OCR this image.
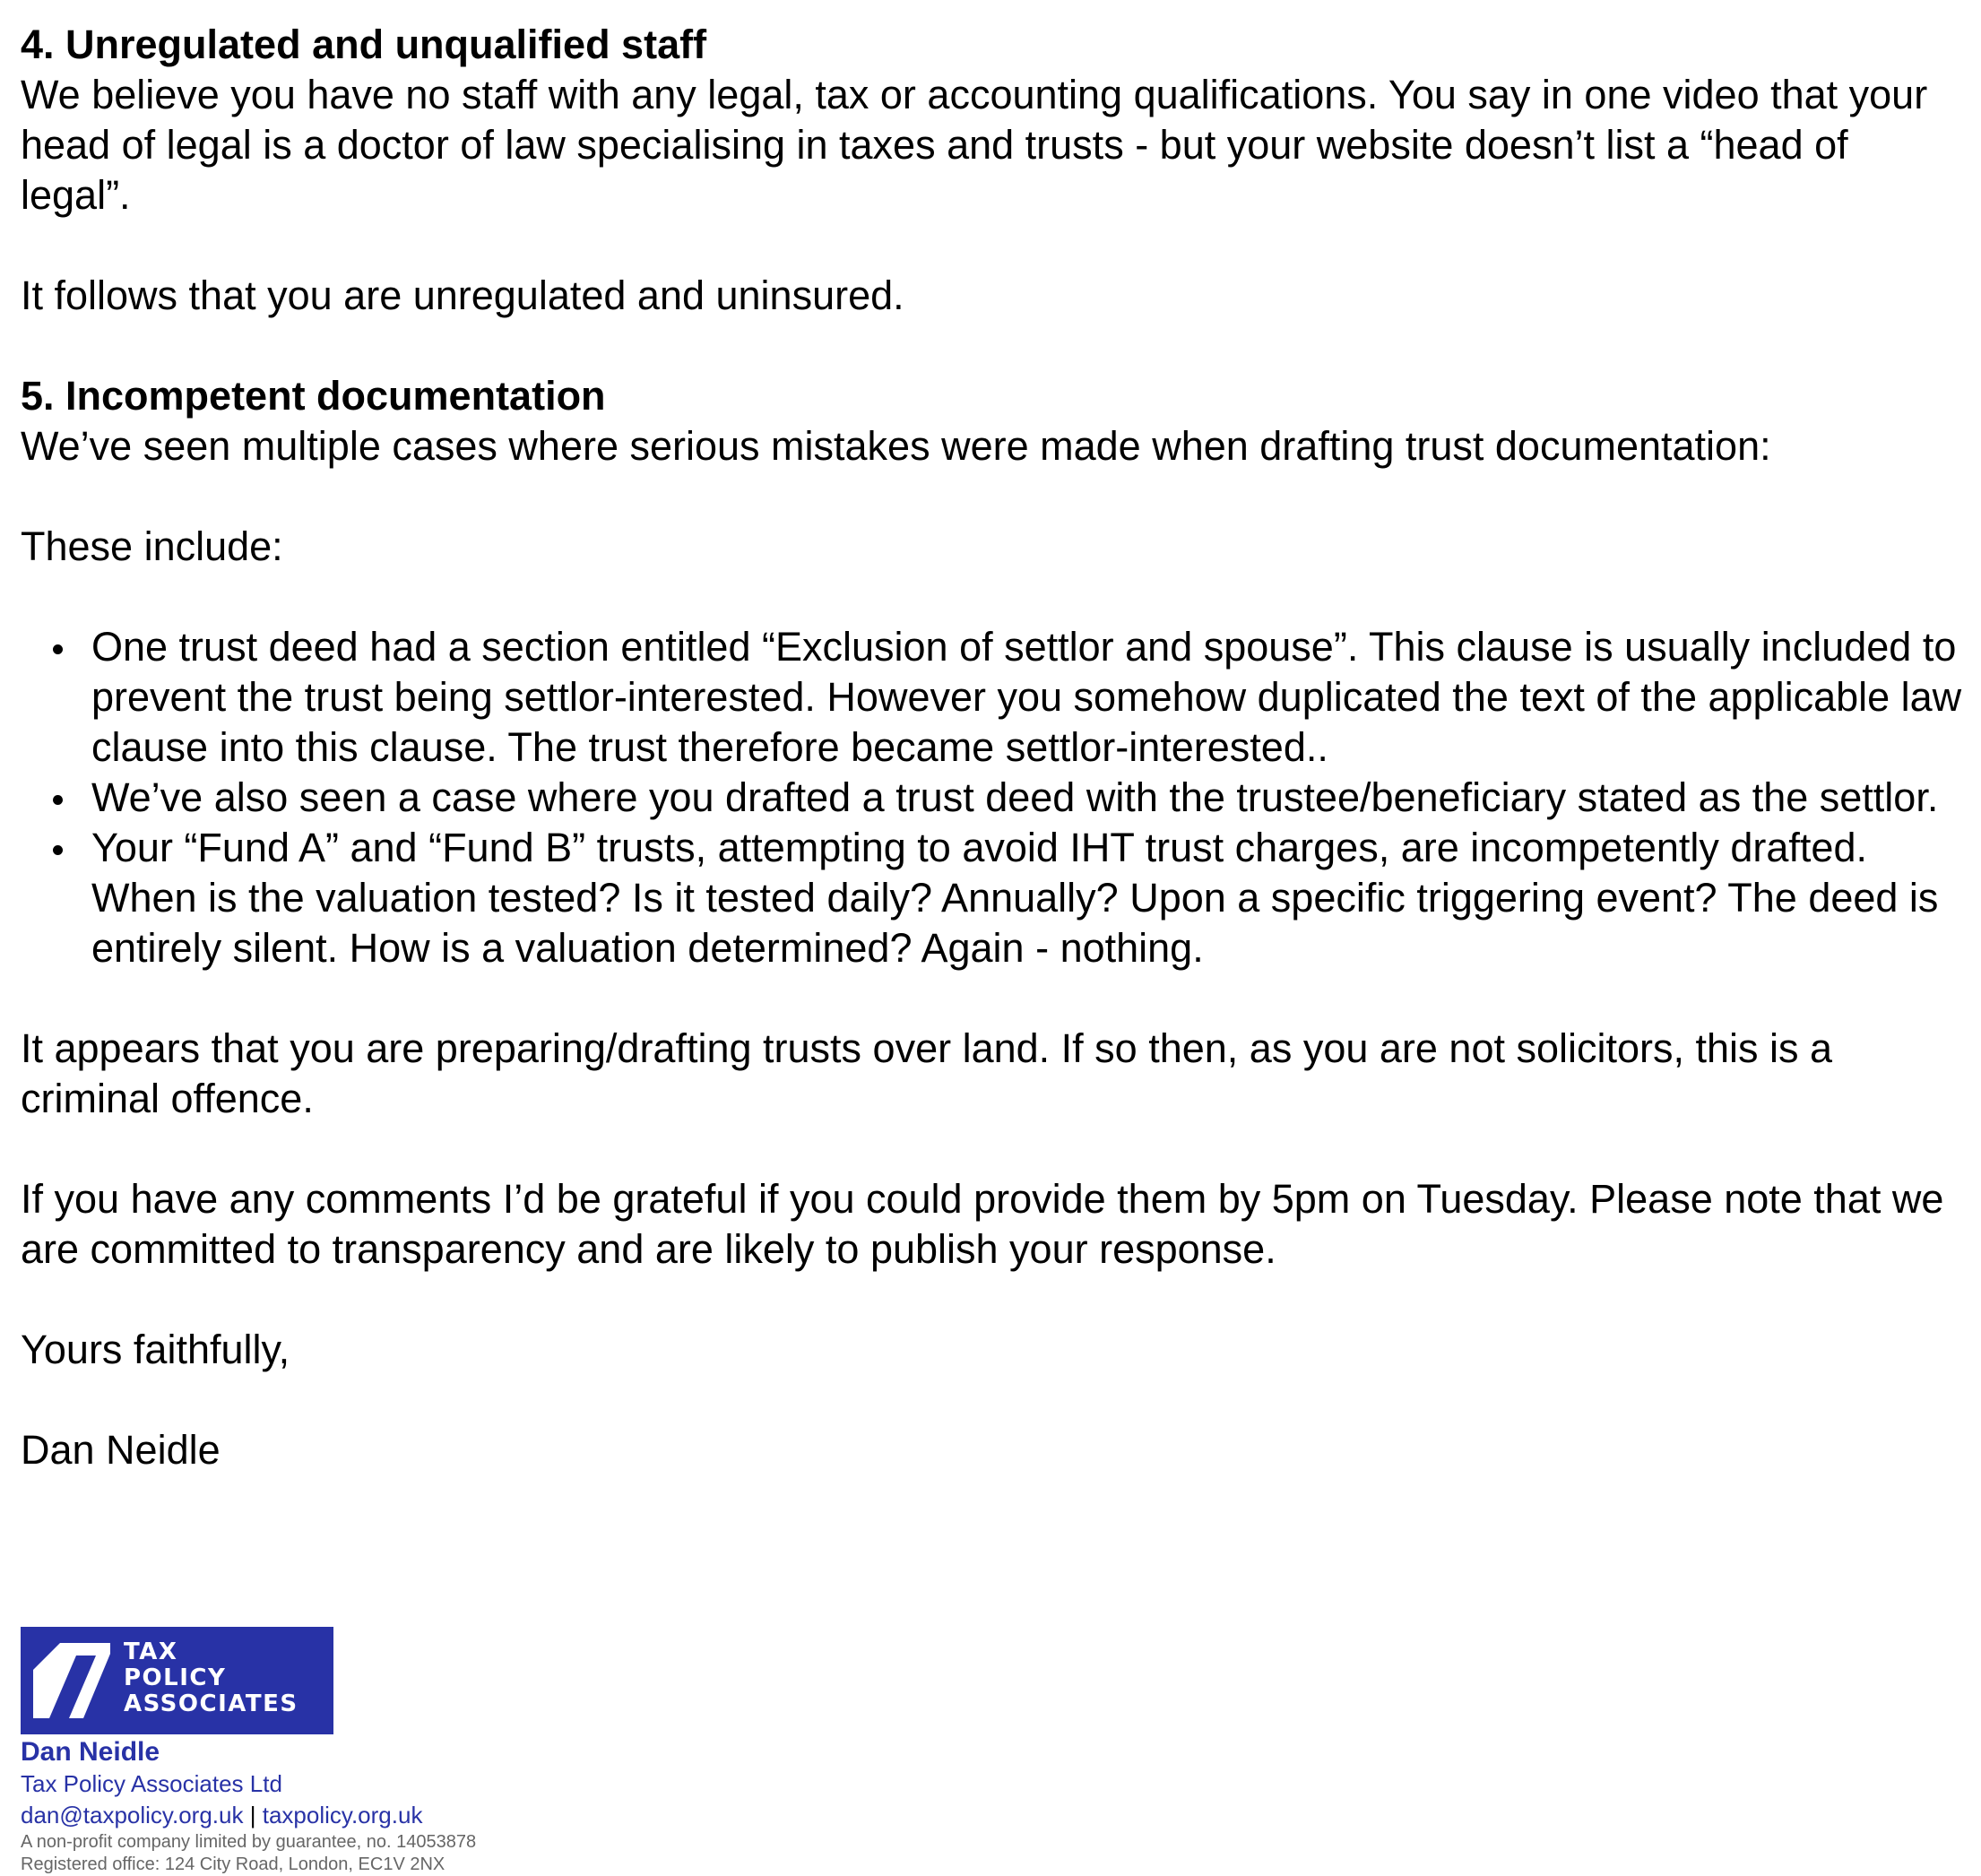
4. Unregulated and unqualified staff

We believe you have no staff with any legal, tax or accounting qualifications. You say in one video that your head of legal is a doctor of law specialising in taxes and trusts - but your website doesn’t list a “head of legal”.

It follows that you are unregulated and uninsured.

5. Incompetent documentation

We’ve seen multiple cases where serious mistakes were made when drafting trust documentation:

These include:

One trust deed had a section entitled “Exclusion of settlor and spouse”. This clause is usually included to prevent the trust being settlor-interested. However you somehow duplicated the text of the applicable law clause into this clause. The trust therefore became settlor-interested..
We’ve also seen a case where you drafted a trust deed with the trustee/beneficiary stated as the settlor.
Your “Fund A” and “Fund B” trusts, attempting to avoid IHT trust charges, are incompetently drafted. When is the valuation tested? Is it tested daily? Annually? Upon a specific triggering event? The deed is entirely silent. How is a valuation determined? Again - nothing.

It appears that you are preparing/drafting trusts over land. If so then, as you are not solicitors, this is a criminal offence.

If you have any comments I’d be grateful if you could provide them by 5pm on Tuesday. Please note that we are committed to transparency and are likely to publish your response.

Yours faithfully,

Dan Neidle

TAX
POLICY
ASSOCIATES
Dan Neidle
Tax Policy Associates Ltd
dan@taxpolicy.org.uk | taxpolicy.org.uk
A non-profit company limited by guarantee, no. 14053878
Registered office: 124 City Road, London, EC1V 2NX
